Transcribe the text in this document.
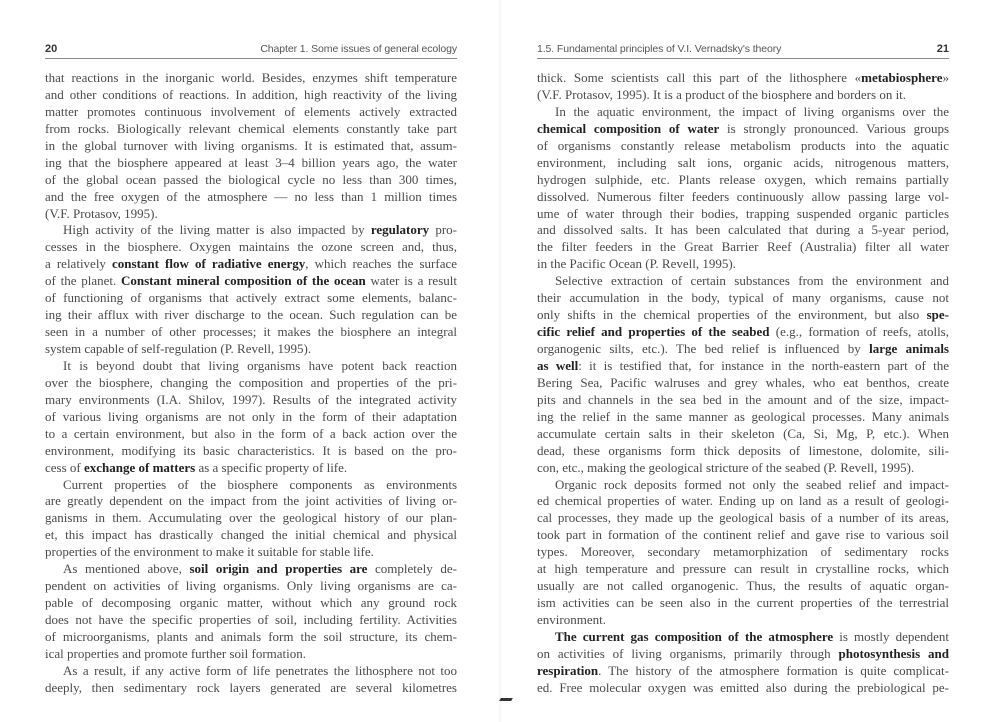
20	Chapter 1. Some issues of general ecology
that reactions in the inorganic world. Besides, enzymes shift temperature
and other conditions of reactions. In addition, high reactivity of the living
matter promotes continuous involvement of elements actively extracted
from rocks. Biologically relevant chemical elements constantly take part
in the global turnover with living organisms. It is estimated that, assum-
ing that the biosphere appeared at least 3–4 billion years ago, the water
of the global ocean passed the biological cycle no less than 300 times,
and the free oxygen of the atmosphere — no less than 1 million times
(V.F. Protasov, 1995).
High activity of the living matter is also impacted by regulatory pro-
cesses in the biosphere. Oxygen maintains the ozone screen and, thus,
a relatively constant flow of radiative energy, which reaches the surface
of the planet. Constant mineral composition of the ocean water is a result
of functioning of organisms that actively extract some elements, balanc-
ing their afflux with river discharge to the ocean. Such regulation can be
seen in a number of other processes; it makes the biosphere an integral
system capable of self-regulation (P. Revell, 1995).
It is beyond doubt that living organisms have potent back reaction
over the biosphere, changing the composition and properties of the pri-
mary environments (I.A. Shilov, 1997). Results of the integrated activity
of various living organisms are not only in the form of their adaptation
to a certain environment, but also in the form of a back action over the
environment, modifying its basic characteristics. It is based on the pro-
cess of exchange of matters as a specific property of life.
Current properties of the biosphere components as environments
are greatly dependent on the impact from the joint activities of living or-
ganisms in them. Accumulating over the geological history of our plan-
et, this impact has drastically changed the initial chemical and physical
properties of the environment to make it suitable for stable life.
As mentioned above, soil origin and properties are completely de-
pendent on activities of living organisms. Only living organisms are ca-
pable of decomposing organic matter, without which any ground rock
does not have the specific properties of soil, including fertility. Activities
of microorganisms, plants and animals form the soil structure, its chem-
ical properties and promote further soil formation.
As a result, if any active form of life penetrates the lithosphere not too
deeply, then sedimentary rock layers generated are several kilometres
1.5. Fundamental principles of V.I. Vernadsky's theory	21
thick. Some scientists call this part of the lithosphere «metabiosphere»
(V.F. Protasov, 1995). It is a product of the biosphere and borders on it.
In the aquatic environment, the impact of living organisms over the
chemical composition of water is strongly pronounced. Various groups
of organisms constantly release metabolism products into the aquatic
environment, including salt ions, organic acids, nitrogenous matters,
hydrogen sulphide, etc. Plants release oxygen, which remains partially
dissolved. Numerous filter feeders continuously allow passing large vol-
ume of water through their bodies, trapping suspended organic particles
and dissolved salts. It has been calculated that during a 5-year period,
the filter feeders in the Great Barrier Reef (Australia) filter all water
in the Pacific Ocean (P. Revell, 1995).
Selective extraction of certain substances from the environment and
their accumulation in the body, typical of many organisms, cause not
only shifts in the chemical properties of the environment, but also spe-
cific relief and properties of the seabed (e.g., formation of reefs, atolls,
organogenic silts, etc.). The bed relief is influenced by large animals
as well: it is testified that, for instance in the north-eastern part of the
Bering Sea, Pacific walruses and grey whales, who eat benthos, create
pits and channels in the sea bed in the amount and of the size, impact-
ing the relief in the same manner as geological processes. Many animals
accumulate certain salts in their skeleton (Ca, Si, Mg, P, etc.). When
dead, these organisms form thick deposits of limestone, dolomite, sili-
con, etc., making the geological stricture of the seabed (P. Revell, 1995).
Organic rock deposits formed not only the seabed relief and impact-
ed chemical properties of water. Ending up on land as a result of geologi-
cal processes, they made up the geological basis of a number of its areas,
took part in formation of the continent relief and gave rise to various soil
types. Moreover, secondary metamorphization of sedimentary rocks
at high temperature and pressure can result in crystalline rocks, which
usually are not called organogenic. Thus, the results of aquatic organ-
ism activities can be seen also in the current properties of the terrestrial
environment.
The current gas composition of the atmosphere is mostly dependent
on activities of living organisms, primarily through photosynthesis and
respiration. The history of the atmosphere formation is quite complicat-
ed. Free molecular oxygen was emitted also during the prebiological pe-
